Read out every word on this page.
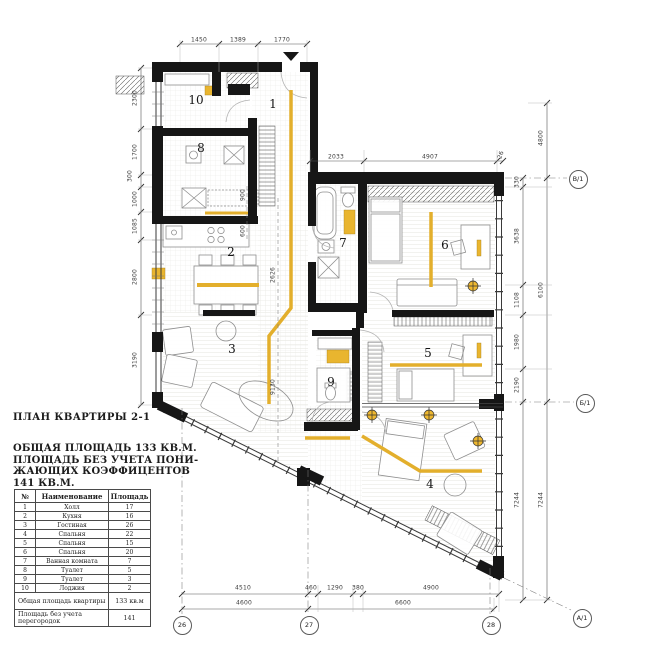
1450	1389	1770
2033	4907	26
2300
1700
300
1000
1085
2800
3190
330
3638
1108
1980
2190
7244
4800
6100
7244
4510	460 1290 380	4900
4600	6600
900
600
2626
9130
10	1
8
2
7	6
3
9
5
4
26	27	28
В/1
Б/1
А/1
ПЛАН КВАРТИРЫ 2-1
ОБЩАЯ ПЛОЩАДЬ 133 КВ.М.
ПЛОЩАДЬ БЕЗ УЧЕТА ПОНИ-
ЖАЮЩИХ КОЭФФИЦЕНТОВ
141 КВ.М.
№	Наименование	Площадь
1	Холл	17
2	Кухня	16
3	Гостиная	26
4	Спальня	22
5	Спальня	15
6	Спальня	20
7	Ванная комната	7
8	Туалет	5
9	Туалет	3
10	Лоджия	2
Общая площадь квартиры		133 кв.м
Площадь без учета перегородок		141
